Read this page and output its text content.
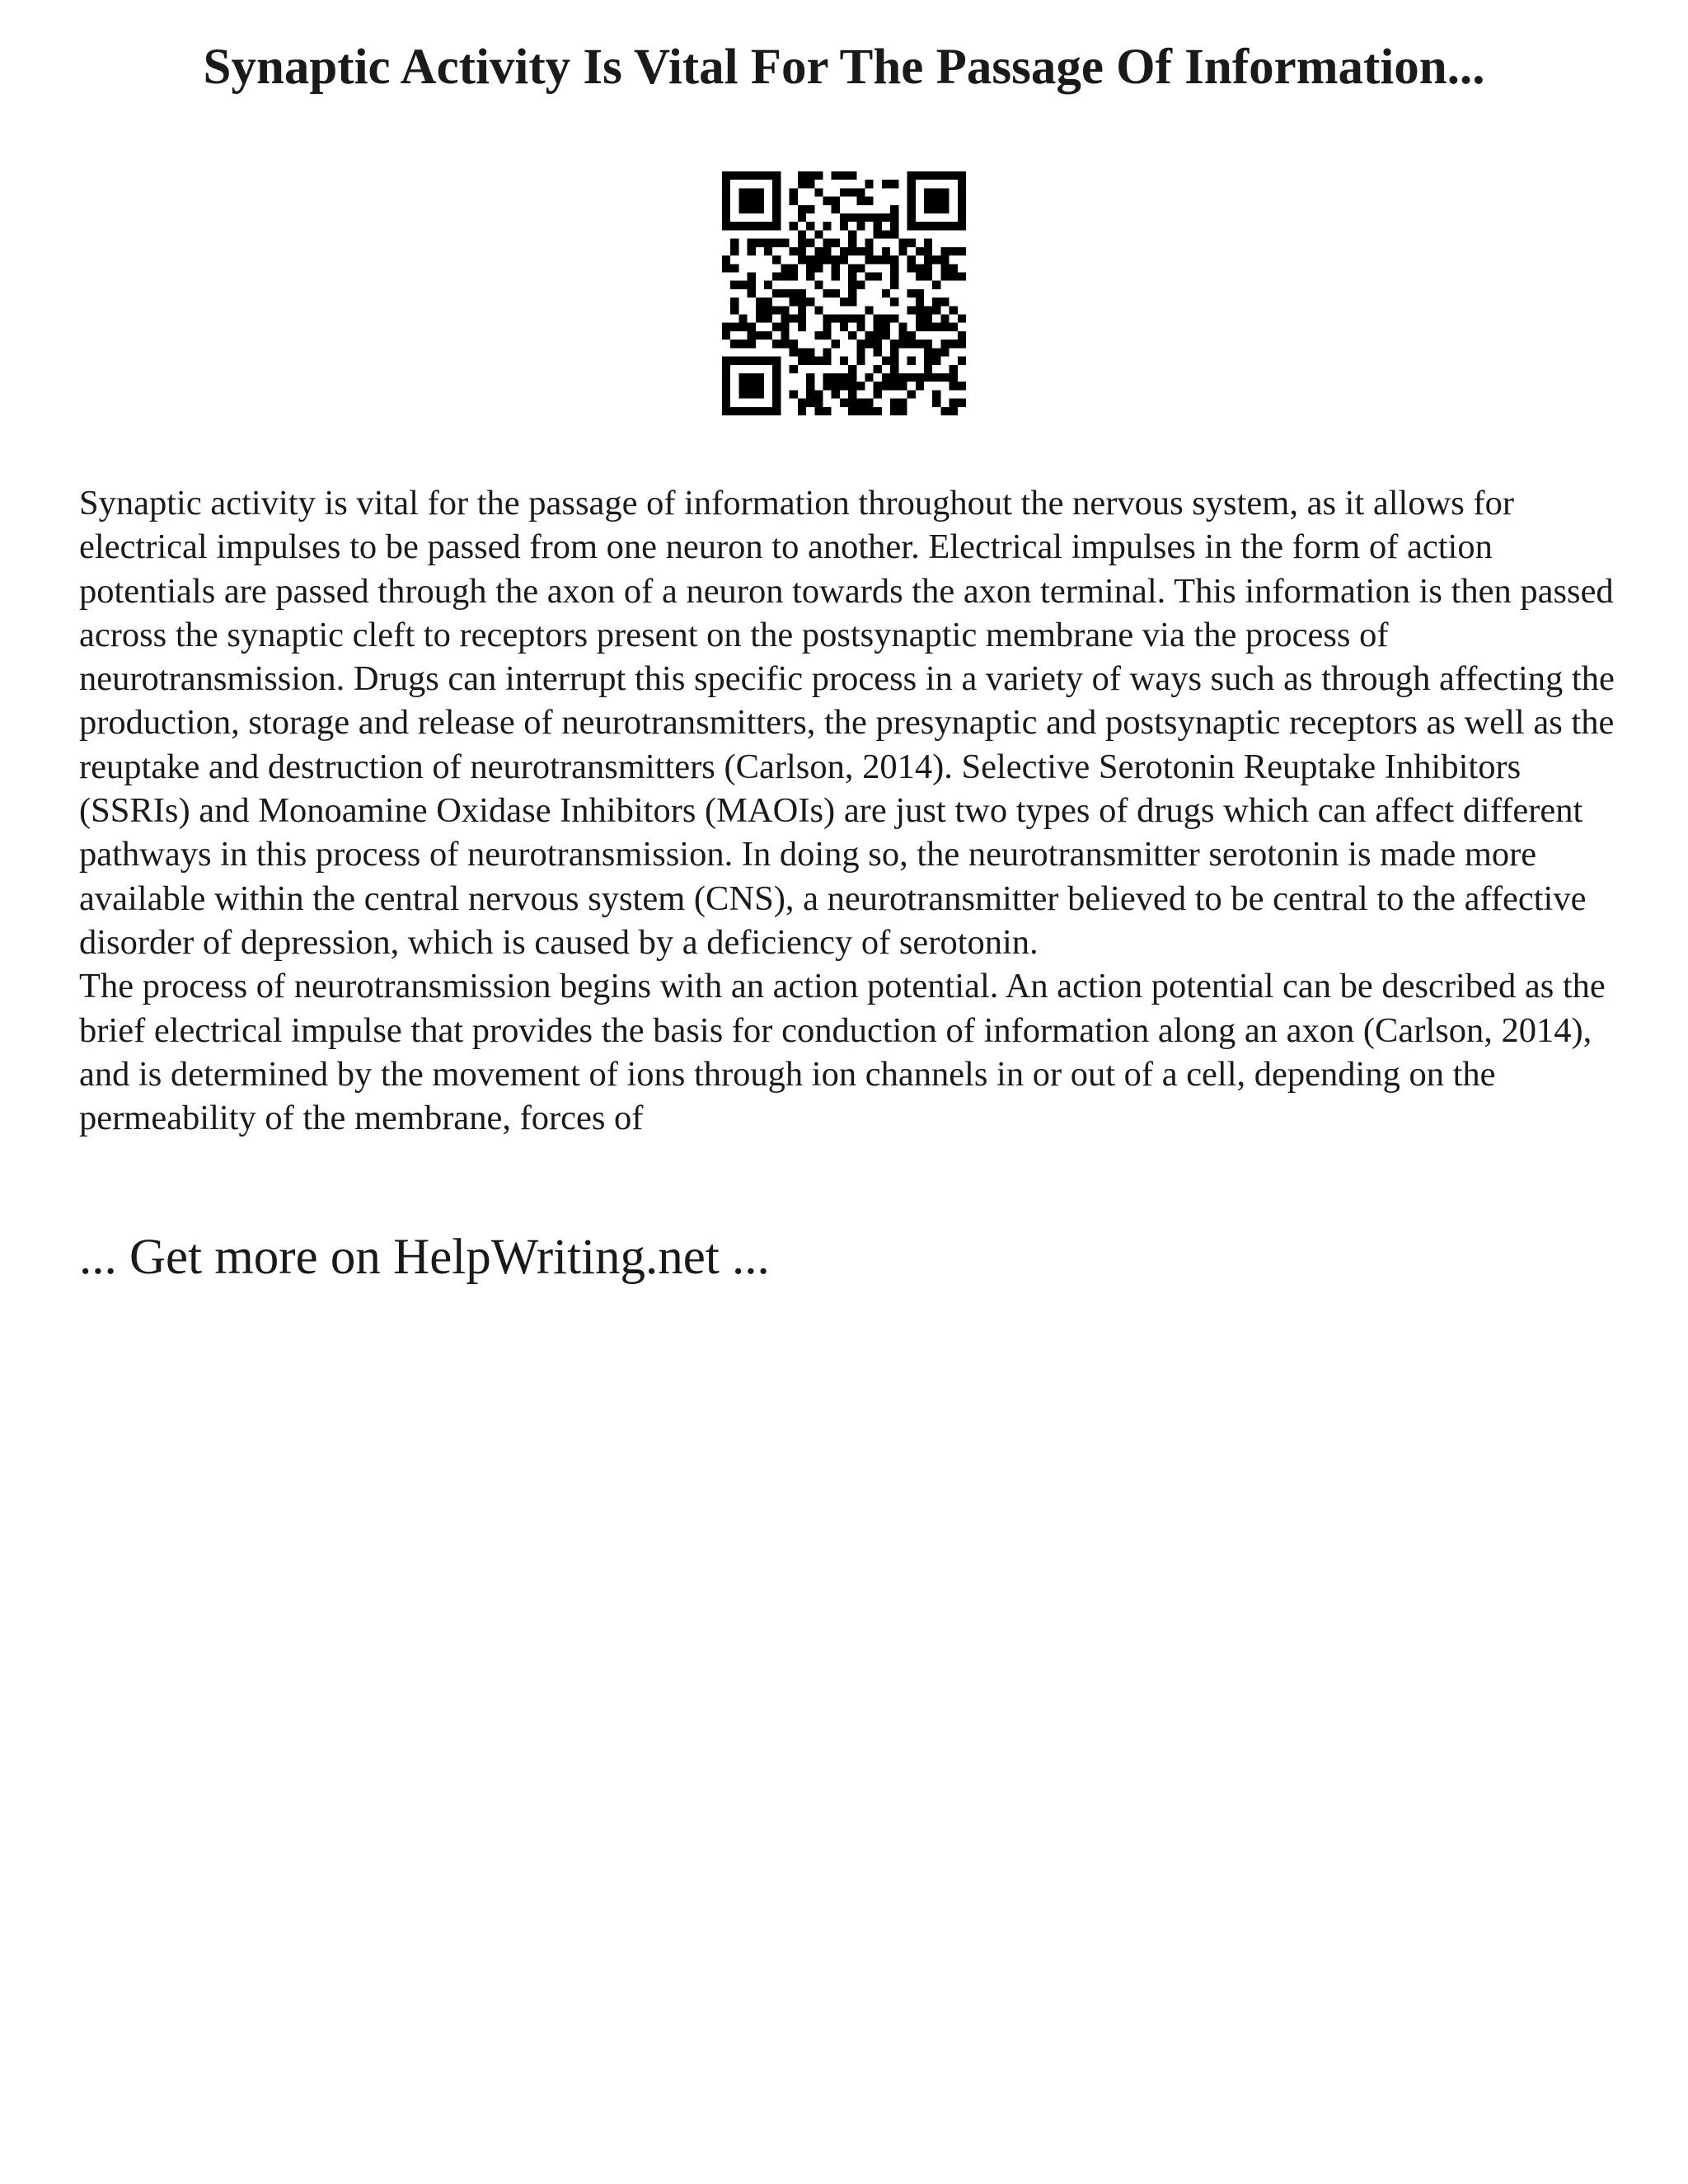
Synaptic Activity Is Vital For The Passage Of Information...

Synaptic activity is vital for the passage of information throughout the nervous system, as it allows for electrical impulses to be passed from one neuron to another. Electrical impulses in the form of action potentials are passed through the axon of a neuron towards the axon terminal. This information is then passed across the synaptic cleft to receptors present on the postsynaptic membrane via the process of neurotransmission. Drugs can interrupt this specific process in a variety of ways such as through affecting the production, storage and release of neurotransmitters, the presynaptic and postsynaptic receptors as well as the reuptake and destruction of neurotransmitters (Carlson, 2014). Selective Serotonin Reuptake Inhibitors (SSRIs) and Monoamine Oxidase Inhibitors (MAOIs) are just two types of drugs which can affect different pathways in this process of neurotransmission. In doing so, the neurotransmitter serotonin is made more available within the central nervous system (CNS), a neurotransmitter believed to be central to the affective disorder of depression, which is caused by a deficiency of serotonin.

The process of neurotransmission begins with an action potential. An action potential can be described as the brief electrical impulse that provides the basis for conduction of information along an axon (Carlson, 2014), and is determined by the movement of ions through ion channels in or out of a cell, depending on the permeability of the membrane, forces of

... Get more on HelpWriting.net ...
